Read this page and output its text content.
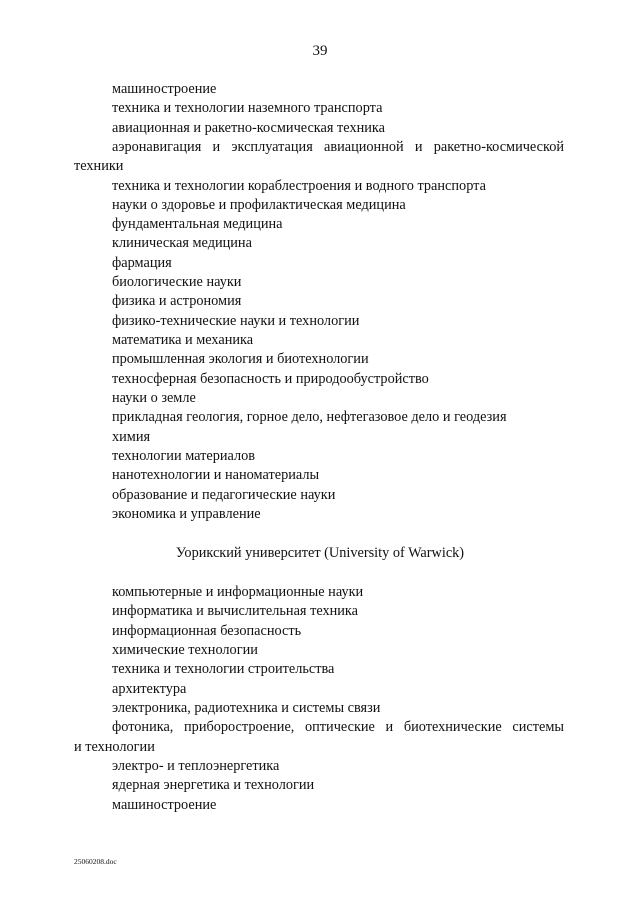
39
машиностроение
техника и технологии наземного транспорта
авиационная и ракетно-космическая техника
аэронавигация и эксплуатация авиационной и ракетно-космической
техники
техника и технологии кораблестроения и водного транспорта
науки о здоровье и профилактическая медицина
фундаментальная медицина
клиническая медицина
фармация
биологические науки
физика и астрономия
физико-технические науки и технологии
математика и механика
промышленная экология и биотехнологии
техносферная безопасность и природообустройство
науки о земле
прикладная геология, горное дело, нефтегазовое дело и геодезия
химия
технологии материалов
нанотехнологии и наноматериалы
образование и педагогические науки
экономика и управление
Уорикский университет (University of Warwick)
компьютерные и информационные науки
информатика и вычислительная техника
информационная безопасность
химические технологии
техника и технологии строительства
архитектура
электроника, радиотехника и системы связи
фотоника, приборостроение, оптические и биотехнические системы
и технологии
электро- и теплоэнергетика
ядерная энергетика и технологии
машиностроение
25060208.doc
